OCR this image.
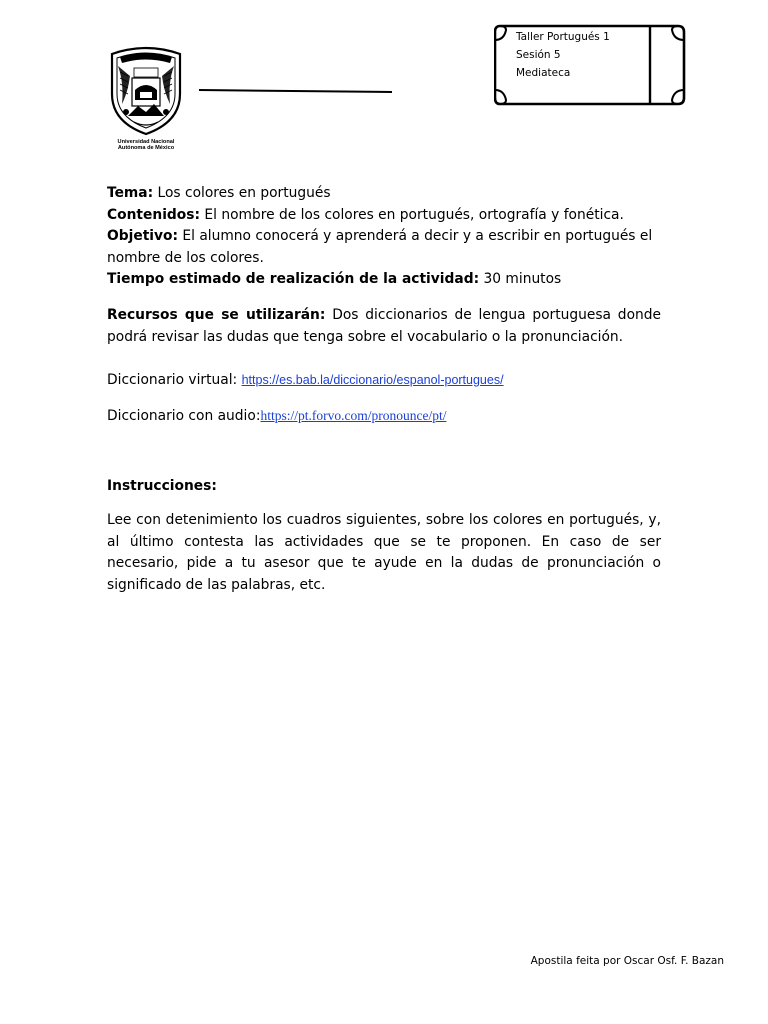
Universidad Nacional
Autónoma de México
Taller Portugués 1
Sesión 5
Mediateca
Tema: Los colores en portugués
Contenidos: El nombre de los colores en portugués, ortografía y fonética.
Objetivo: El alumno conocerá y aprenderá a decir y a escribir en portugués el nombre de los colores.
Tiempo estimado de realización de la actividad: 30 minutos
Recursos que se utilizarán: Dos diccionarios de lengua portuguesa donde podrá revisar las dudas que tenga sobre el vocabulario o la pronunciación.
Diccionario virtual: https://es.bab.la/diccionario/espanol-portugues/
Diccionario con audio:https://pt.forvo.com/pronounce/pt/
Instrucciones:
Lee con detenimiento los cuadros siguientes, sobre los colores en portugués, y, al último contesta las actividades que se te proponen. En caso de ser necesario, pide a tu asesor que te ayude en la dudas de pronunciación o significado de las palabras, etc.
Apostila feita por Oscar Osf. F. Bazan
